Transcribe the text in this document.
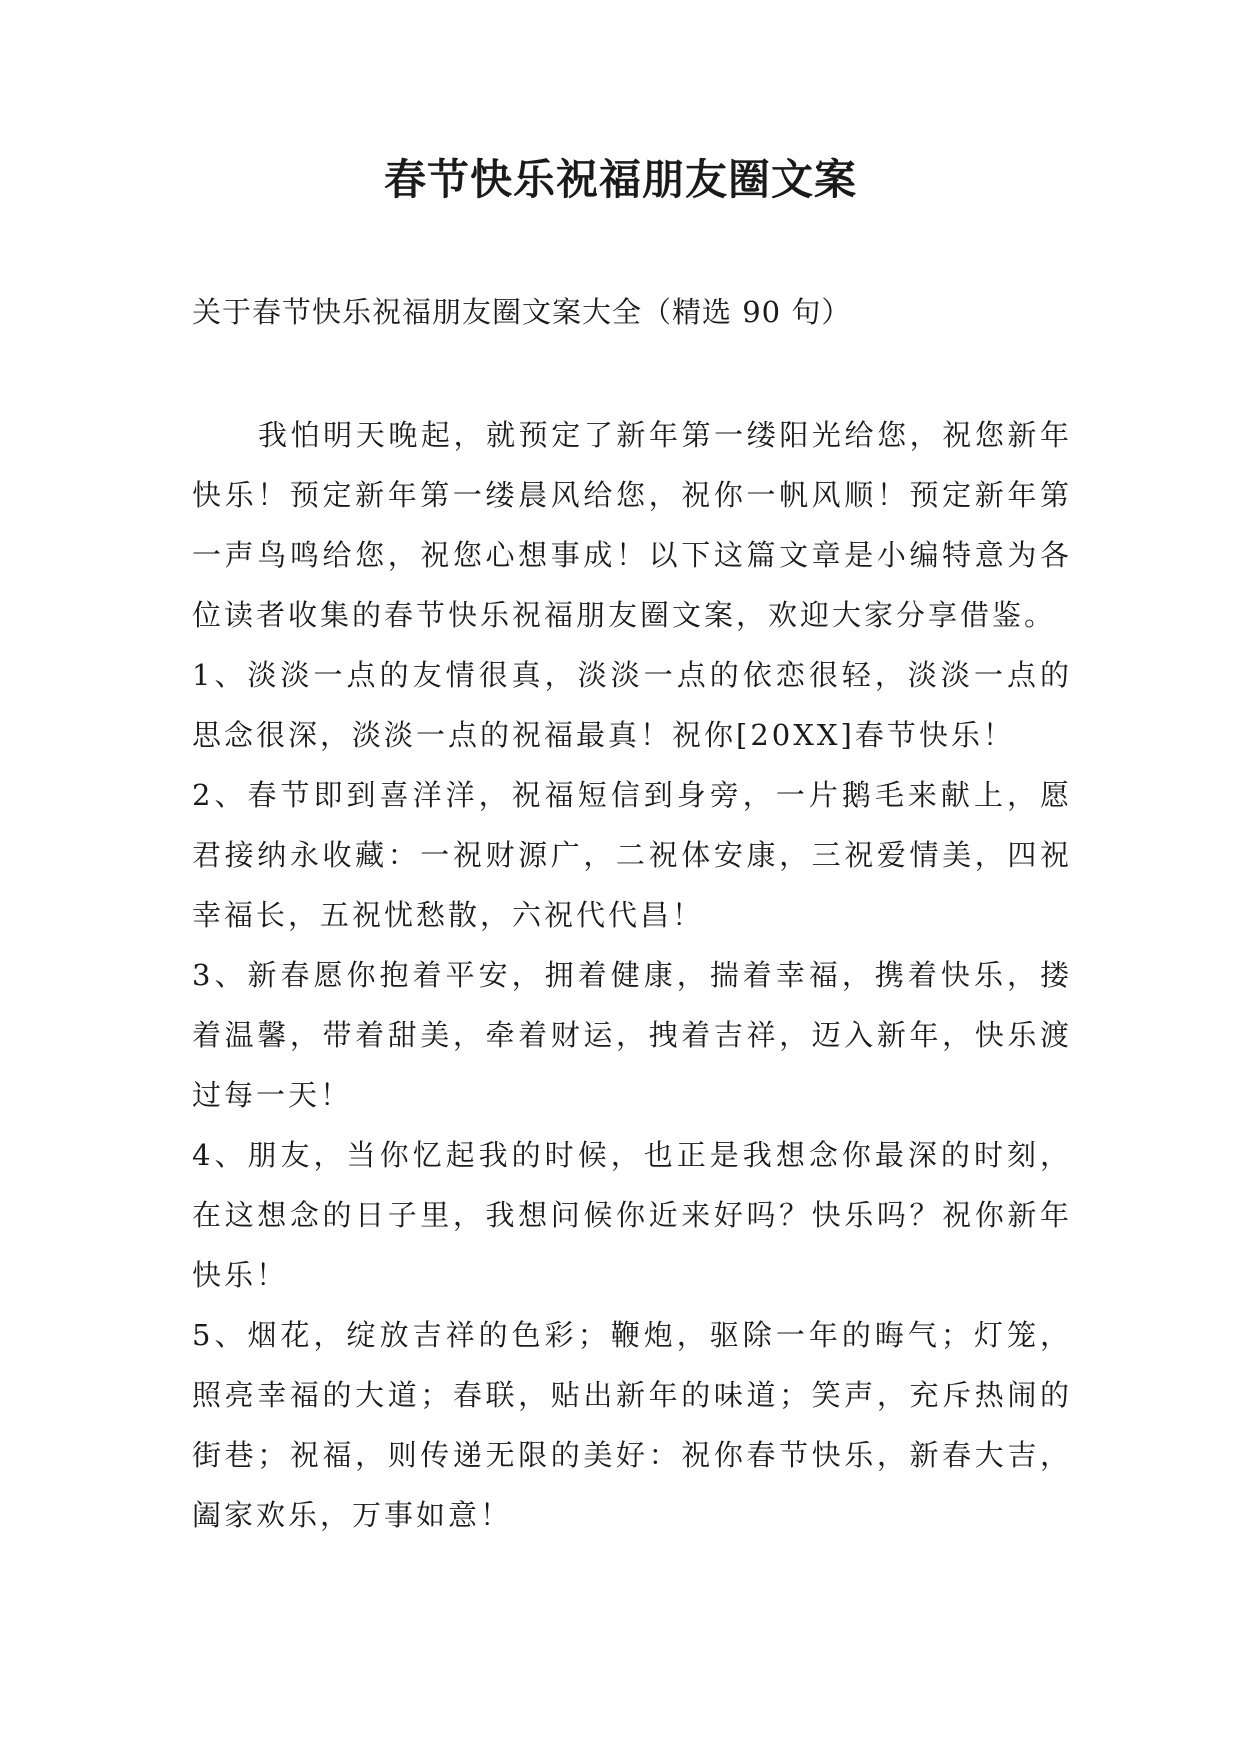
春节快乐祝福朋友圈文案

关于春节快乐祝福朋友圈文案大全（精选 90 句）

我怕明天晚起，就预定了新年第一缕阳光给您，祝您新年快乐！预定新年第一缕晨风给您，祝你一帆风顺！预定新年第一声鸟鸣给您，祝您心想事成！以下这篇文章是小编特意为各位读者收集的春节快乐祝福朋友圈文案，欢迎大家分享借鉴。

1、淡淡一点的友情很真，淡淡一点的依恋很轻，淡淡一点的思念很深，淡淡一点的祝福最真！祝你[20XX]春节快乐！

2、春节即到喜洋洋，祝福短信到身旁，一片鹅毛来献上，愿君接纳永收藏：一祝财源广，二祝体安康，三祝爱情美，四祝幸福长，五祝忧愁散，六祝代代昌！

3、新春愿你抱着平安，拥着健康，揣着幸福，携着快乐，搂着温馨，带着甜美，牵着财运，拽着吉祥，迈入新年，快乐渡过每一天！

4、朋友，当你忆起我的时候，也正是我想念你最深的时刻，在这想念的日子里，我想问候你近来好吗？快乐吗？祝你新年快乐！

5、烟花，绽放吉祥的色彩；鞭炮，驱除一年的晦气；灯笼，照亮幸福的大道；春联，贴出新年的味道；笑声，充斥热闹的街巷；祝福，则传递无限的美好：祝你春节快乐，新春大吉，阖家欢乐，万事如意！
